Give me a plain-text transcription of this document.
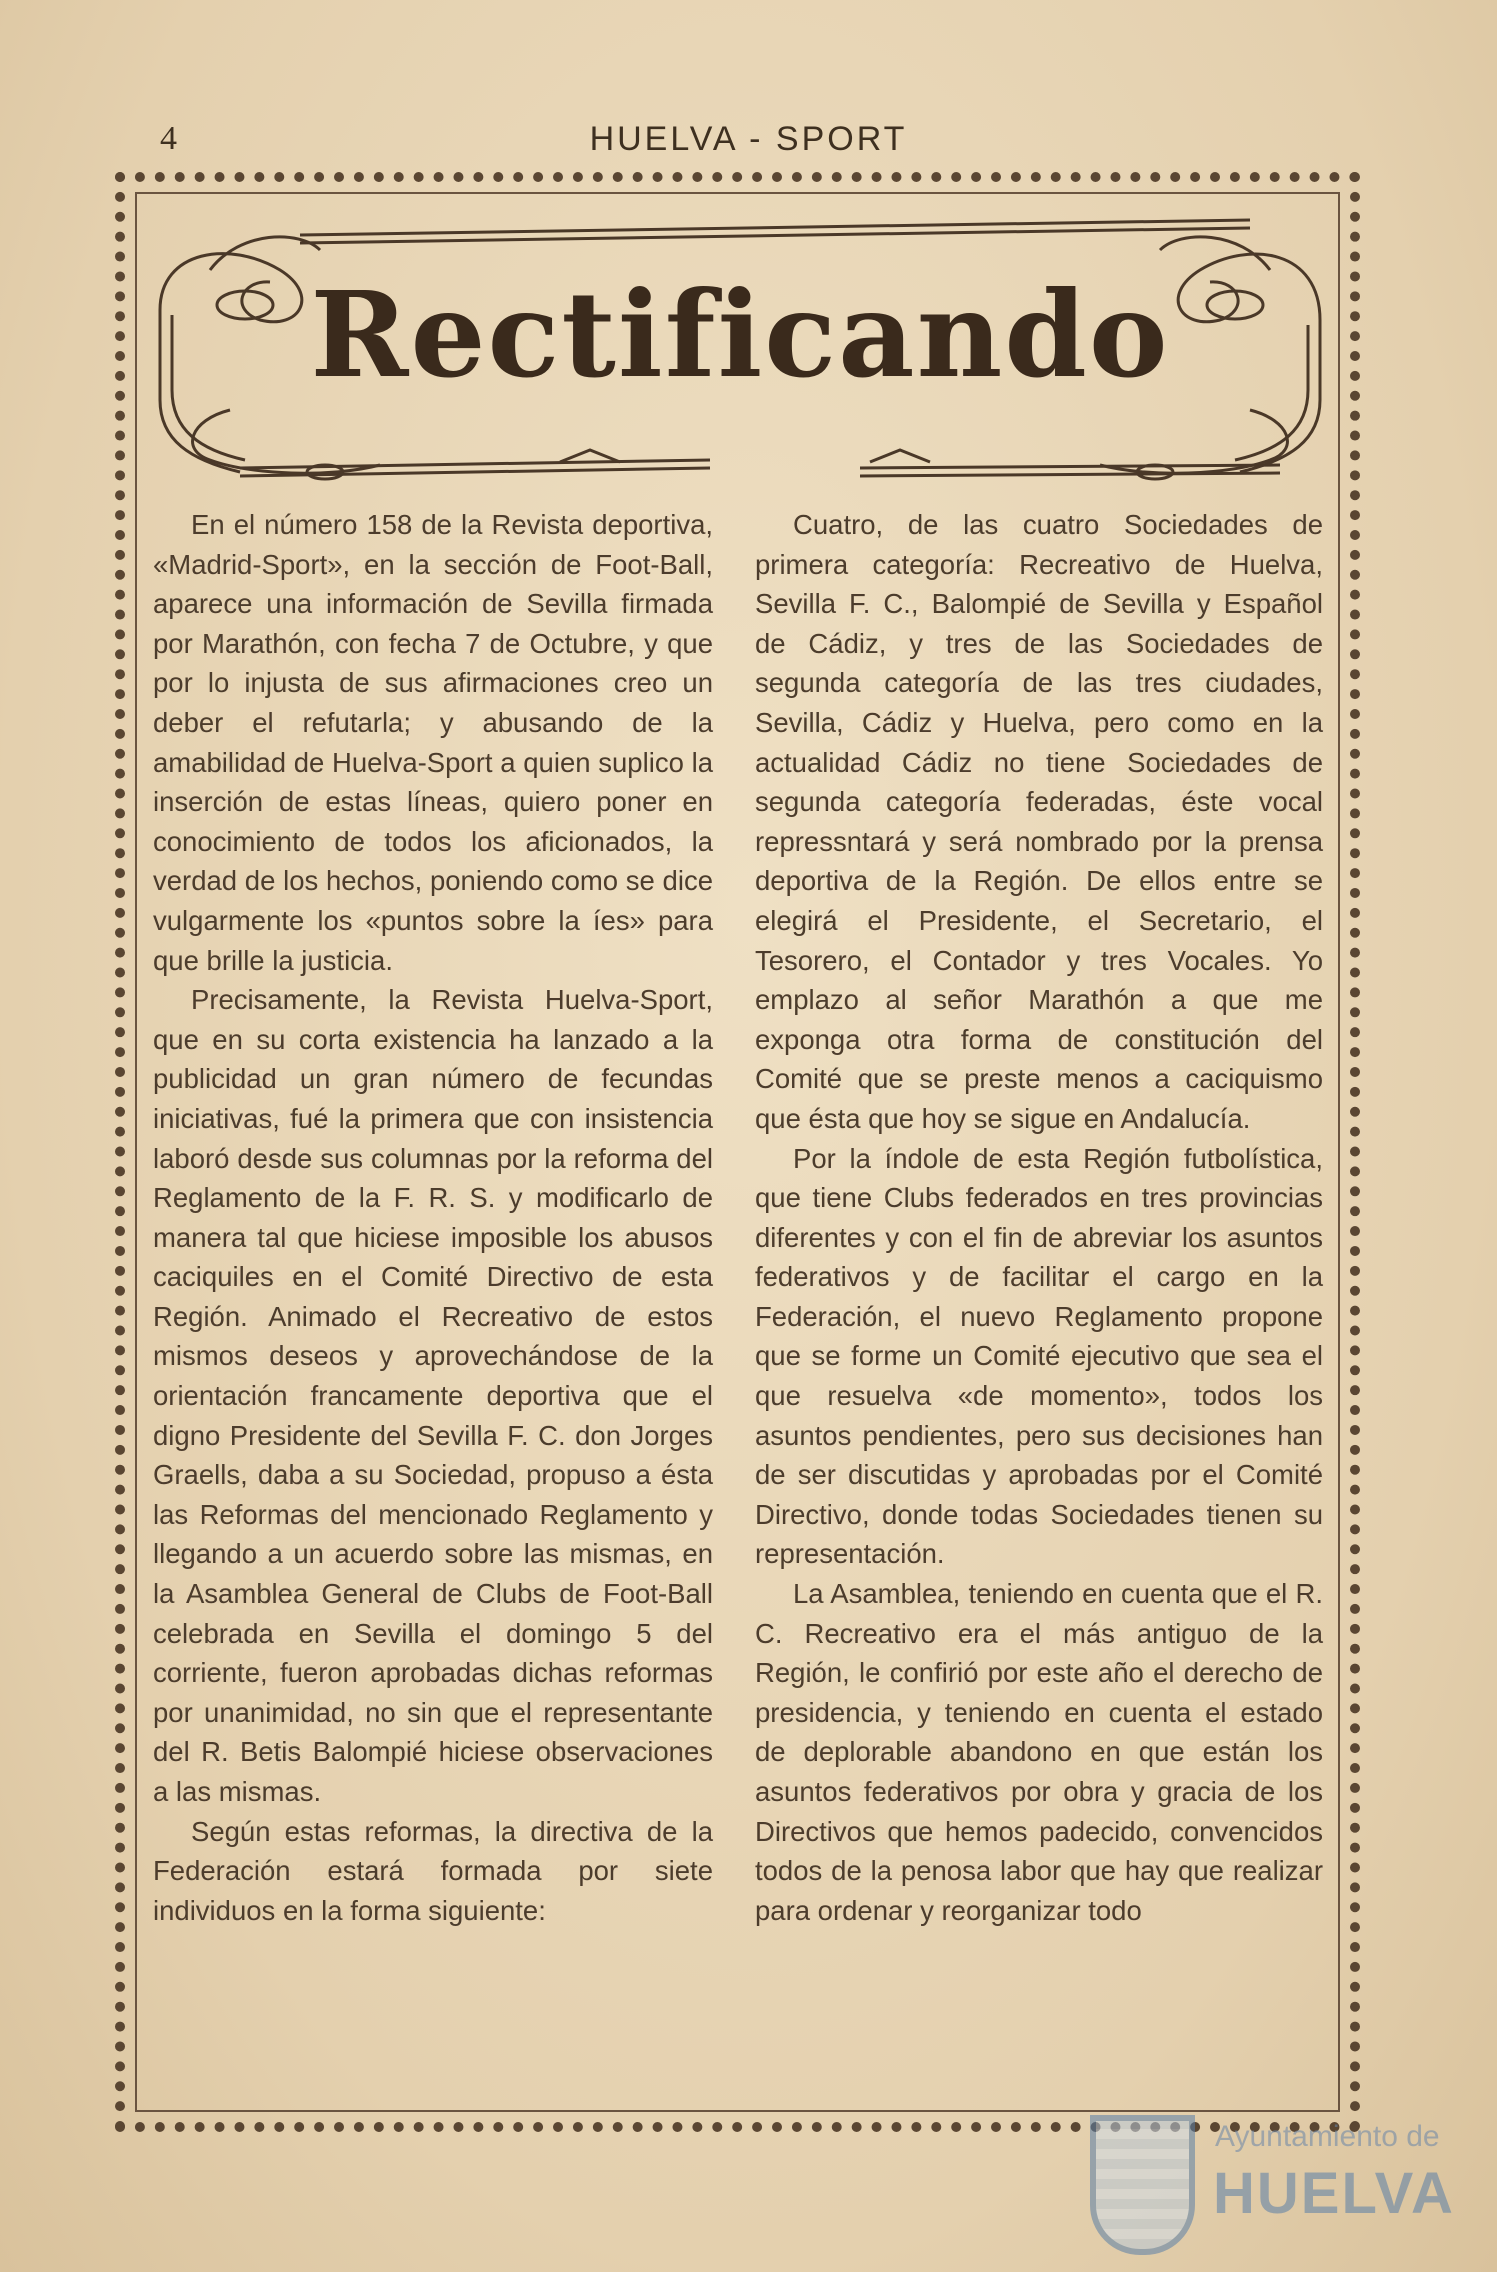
4	HUELVA - SPORT
Rectificando

En el número 158 de la Revista deportiva, «Madrid-Sport», en la sección de Foot-Ball, aparece una información de Sevilla firmada por Marathón, con fecha 7 de Octubre, y que por lo injusta de sus afirmaciones creo un deber el refutarla; y abusando de la amabilidad de Huelva-Sport a quien suplico la inserción de estas líneas, quiero poner en conocimiento de todos los aficionados, la verdad de los hechos, poniendo como se dice vulgarmente los «puntos sobre la íes» para que brille la justicia.

Precisamente, la Revista Huelva-Sport, que en su corta existencia ha lanzado a la publicidad un gran número de fecundas iniciativas, fué la primera que con insistencia laboró desde sus columnas por la reforma del Reglamento de la F. R. S. y modificarlo de manera tal que hiciese imposible los abusos caciquiles en el Comité Directivo de esta Región. Animado el Recreativo de estos mismos deseos y aprovechándose de la orientación francamente deportiva que el digno Presidente del Sevilla F. C. don Jorges Graells, daba a su Sociedad, propuso a ésta las Reformas del mencionado Reglamento y llegando a un acuerdo sobre las mismas, en la Asamblea General de Clubs de Foot-Ball celebrada en Sevilla el domingo 5 del corriente, fueron aprobadas dichas reformas por unanimidad, no sin que el representante del R. Betis Balompié hiciese observaciones a las mismas.

Según estas reformas, la directiva de la Federación estará formada por siete individuos en la forma siguiente:

Cuatro, de las cuatro Sociedades de primera categoría: Recreativo de Huelva, Sevilla F. C., Balompié de Sevilla y Español de Cádiz, y tres de las Sociedades de segunda categoría de las tres ciudades, Sevilla, Cádiz y Huelva, pero como en la actualidad Cádiz no tiene Sociedades de segunda categoría federadas, éste vocal repressntará y será nombrado por la prensa deportiva de la Región. De ellos entre se elegirá el Presidente, el Secretario, el Tesorero, el Contador y tres Vocales. Yo emplazo al señor Marathón a que me exponga otra forma de constitución del Comité que se preste menos a caciquismo que ésta que hoy se sigue en Andalucía.

Por la índole de esta Región futbolística, que tiene Clubs federados en tres provincias diferentes y con el fin de abreviar los asuntos federativos y de facilitar el cargo en la Federación, el nuevo Reglamento propone que se forme un Comité ejecutivo que sea el que resuelva «de momento», todos los asuntos pendientes, pero sus decisiones han de ser discutidas y aprobadas por el Comité Directivo, donde todas Sociedades tienen su representación.

La Asamblea, teniendo en cuenta que el R. C. Recreativo era el más antiguo de la Región, le confirió por este año el derecho de presidencia, y teniendo en cuenta el estado de deplorable abandono en que están los asuntos federativos por obra y gracia de los Directivos que hemos padecido, convencidos todos de la penosa labor que hay que realizar para ordenar y reorganizar todo

Ayuntamiento de
HUELVA
